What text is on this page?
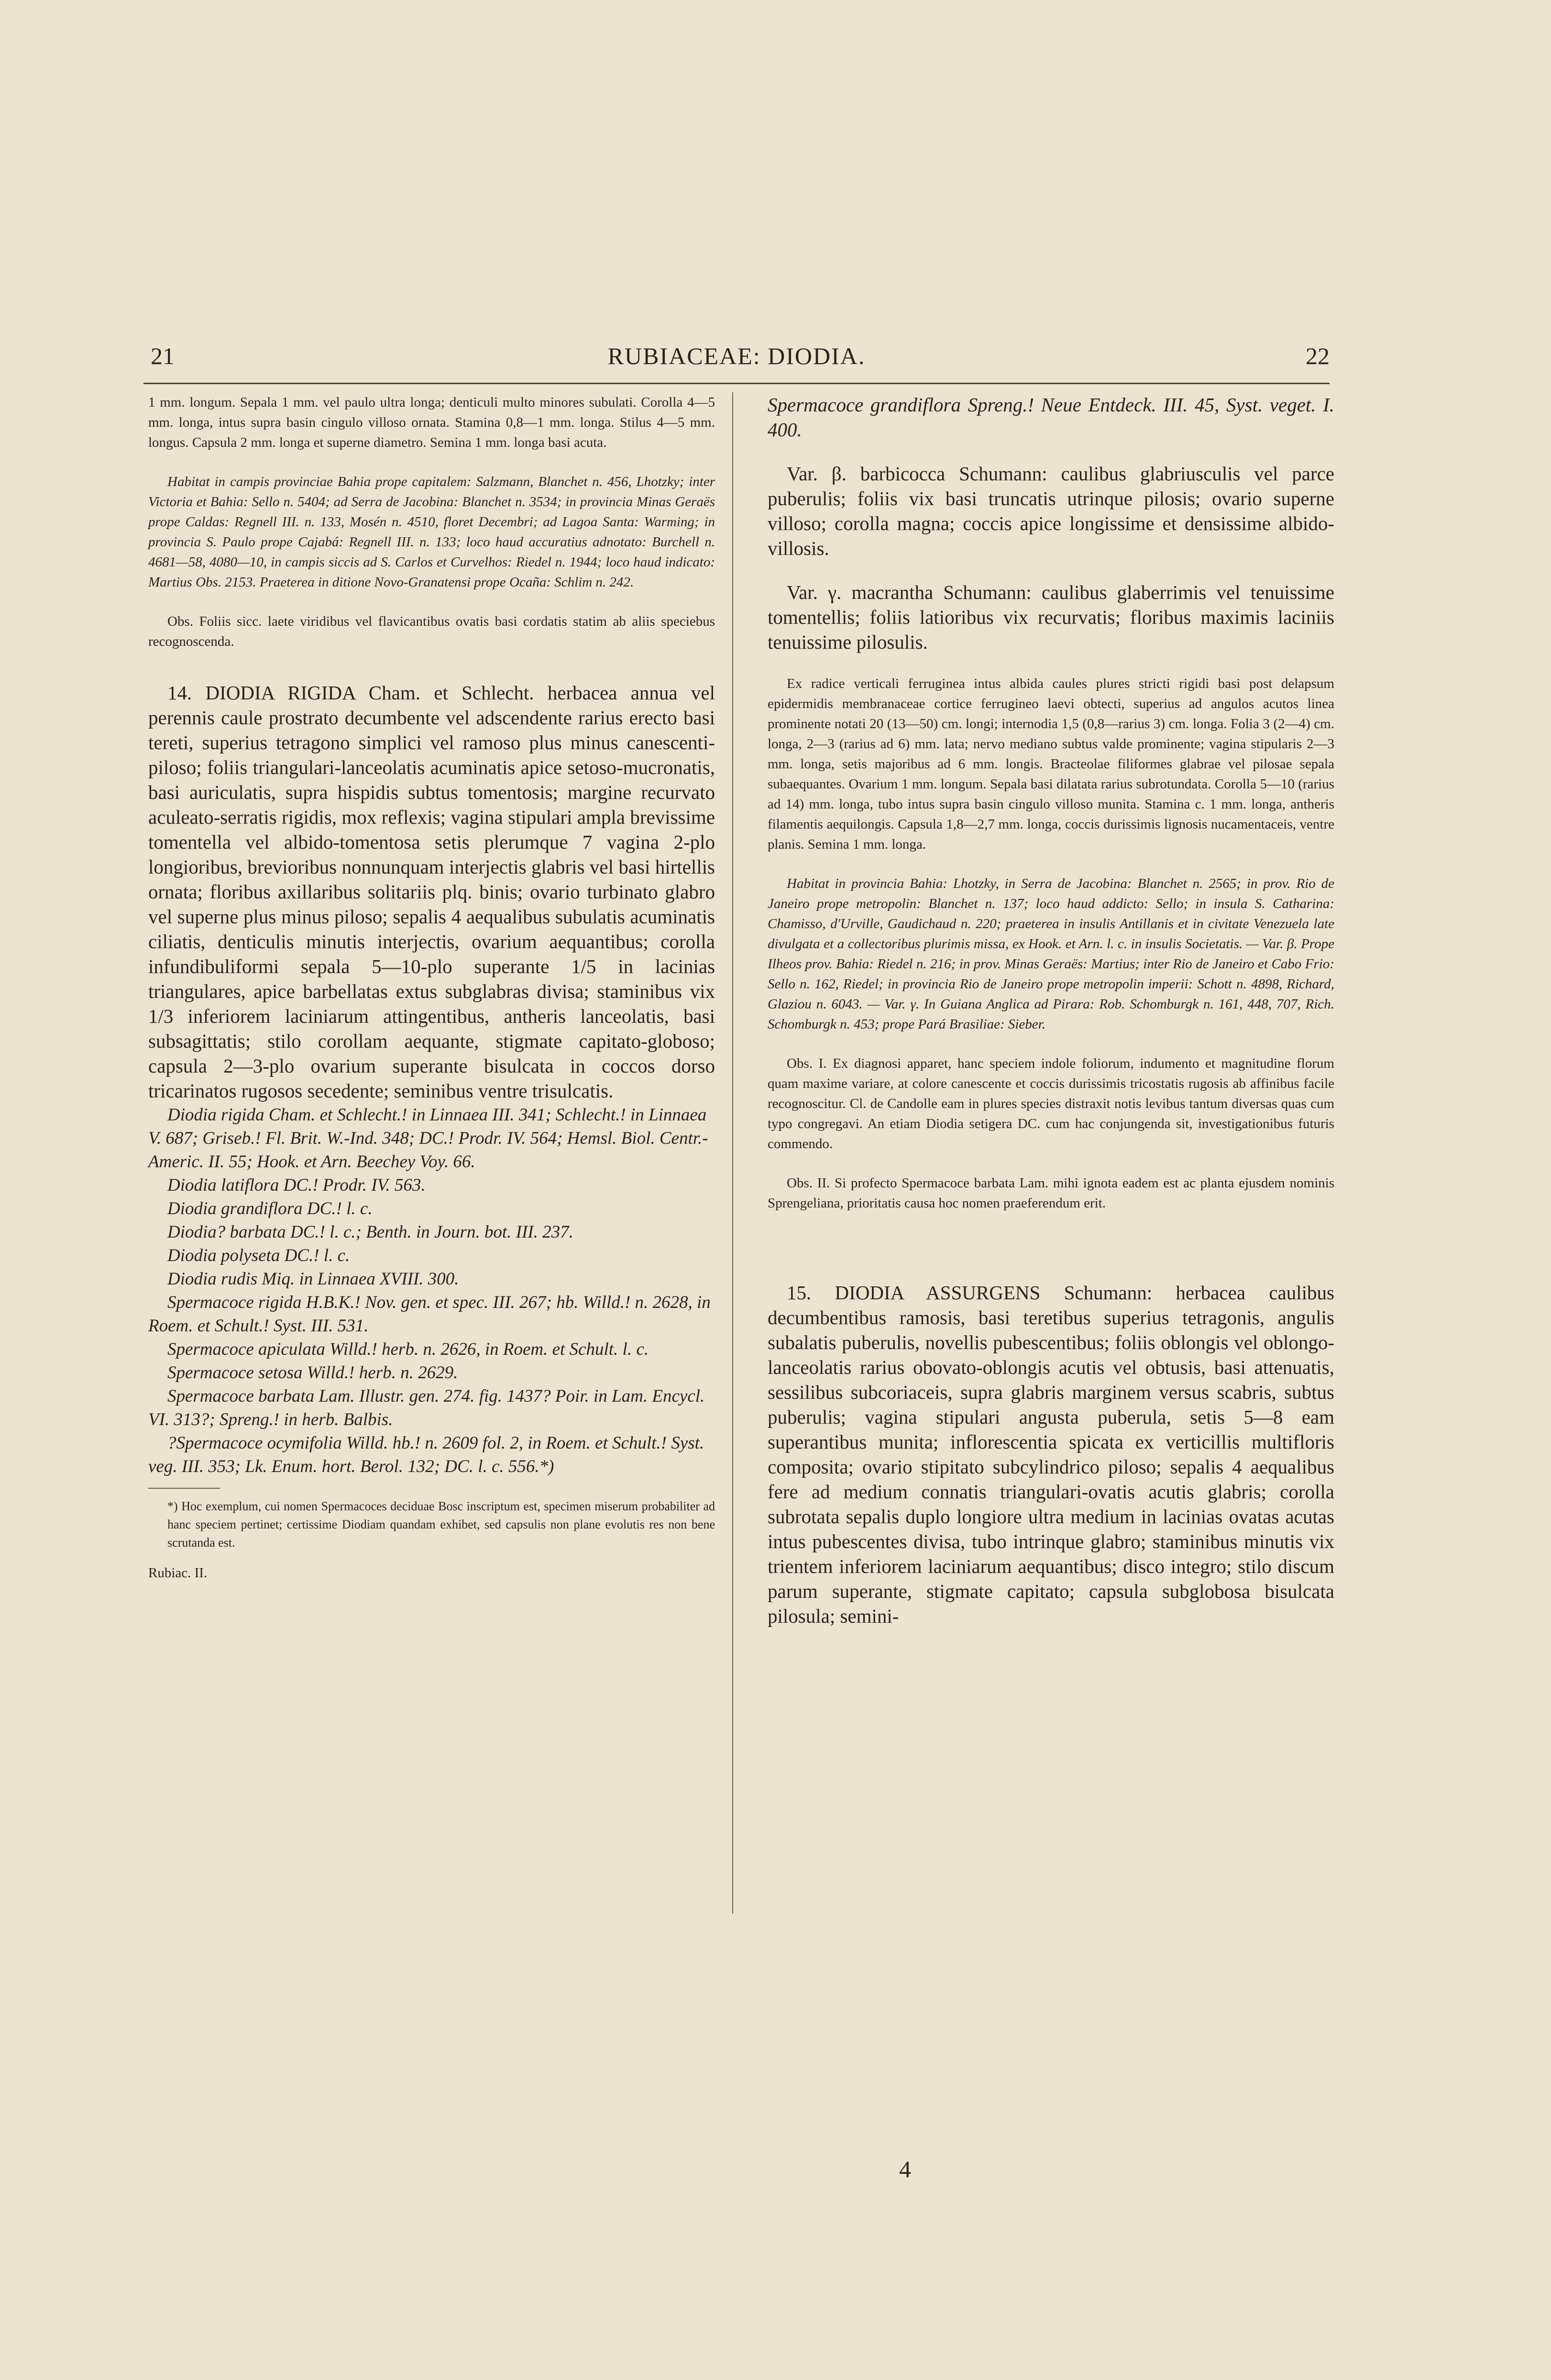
21	RUBIACEAE: DIODIA.	22

1 mm. longum. Sepala 1 mm. vel paulo ultra longa; denticuli multo minores subulati. Corolla 4—5 mm. longa, intus supra basin cingulo villoso ornata. Stamina 0,8—1 mm. longa. Stilus 4—5 mm. longus. Capsula 2 mm. longa et superne diametro. Semina 1 mm. longa basi acuta.

Habitat in campis provinciae Bahia prope capitalem: Salzmann, Blanchet n. 456, Lhotzky; inter Victoria et Bahia: Sello n. 5404; ad Serra de Jacobina: Blanchet n. 3534; in provincia Minas Geraës prope Caldas: Regnell III. n. 133, Mosén n. 4510, floret Decembri; ad Lagoa Santa: Warming; in provincia S. Paulo prope Cajabá: Regnell III. n. 133; loco haud accuratius adnotato: Burchell n. 4681—58, 4080—10, in campis siccis ad S. Carlos et Curvelhos: Riedel n. 1944; loco haud indicato: Martius Obs. 2153. Praeterea in ditione Novo-Granatensi prope Ocaña: Schlim n. 242.

Obs. Foliis sicc. laete viridibus vel flavicantibus ovatis basi cordatis statim ab aliis speciebus recognoscenda.

14. DIODIA RIGIDA Cham. et Schlecht. herbacea annua vel perennis caule prostrato decumbente vel adscendente rarius erecto basi tereti, superius tetragono simplici vel ramoso plus minus canescenti-piloso; foliis triangulari-lanceolatis acuminatis apice setoso-mucronatis, basi auriculatis, supra hispidis subtus tomentosis; margine recurvato aculeato-serratis rigidis, mox reflexis; vagina stipulari ampla brevissime tomentella vel albido-tomentosa setis plerumque 7 vagina 2-plo longioribus, brevioribus nonnunquam interjectis glabris vel basi hirtellis ornata; floribus axillaribus solitariis plq. binis; ovario turbinato glabro vel superne plus minus piloso; sepalis 4 aequalibus subulatis acuminatis ciliatis, denticulis minutis interjectis, ovarium aequantibus; corolla infundibuliformi sepala 5—10-plo superante 1/5 in lacinias triangulares, apice barbellatas extus subglabras divisa; staminibus vix 1/3 inferiorem laciniarum attingentibus, antheris lanceolatis, basi subsagittatis; stilo corollam aequante, stigmate capitato-globoso; capsula 2—3-plo ovarium superante bisulcata in coccos dorso tricarinatos rugosos secedente; seminibus ventre trisulcatis.

Diodia rigida Cham. et Schlecht.! in Linnaea III. 341; Schlecht.! in Linnaea V. 687; Griseb.! Fl. Brit. W.-Ind. 348; DC.! Prodr. IV. 564; Hemsl. Biol. Centr.-Americ. II. 55; Hook. et Arn. Beechey Voy. 66.

Diodia latiflora DC.! Prodr. IV. 563.

Diodia grandiflora DC.! l. c.

Diodia? barbata DC.! l. c.; Benth. in Journ. bot. III. 237.

Diodia polyseta DC.! l. c.

Diodia rudis Miq. in Linnaea XVIII. 300.

Spermacoce rigida H.B.K.! Nov. gen. et spec. III. 267; hb. Willd.! n. 2628, in Roem. et Schult.! Syst. III. 531.

Spermacoce apiculata Willd.! herb. n. 2626, in Roem. et Schult. l. c.

Spermacoce setosa Willd.! herb. n. 2629.

Spermacoce barbata Lam. Illustr. gen. 274. fig. 1437? Poir. in Lam. Encycl. VI. 313?; Spreng.! in herb. Balbis.

?Spermacoce ocymifolia Willd. hb.! n. 2609 fol. 2, in Roem. et Schult.! Syst. veg. III. 353; Lk. Enum. hort. Berol. 132; DC. l. c. 556.*)

*) Hoc exemplum, cui nomen Spermacoces deciduae Bosc inscriptum est, specimen miserum probabiliter ad hanc speciem pertinet; certissime Diodiam quandam exhibet, sed capsulis non plane evolutis res non bene scrutanda est.

Rubiac. II.

Spermacoce grandiflora Spreng.! Neue Entdeck. III. 45, Syst. veget. I. 400.

Var. β. barbicocca Schumann: caulibus glabriusculis vel parce puberulis; foliis vix basi truncatis utrinque pilosis; ovario superne villoso; corolla magna; coccis apice longissime et densissime albido-villosis.

Var. γ. macrantha Schumann: caulibus glaberrimis vel tenuissime tomentellis; foliis latioribus vix recurvatis; floribus maximis laciniis tenuissime pilosulis.

Ex radice verticali ferruginea intus albida caules plures stricti rigidi basi post delapsum epidermidis membranaceae cortice ferrugineo laevi obtecti, superius ad angulos acutos linea prominente notati 20 (13—50) cm. longi; internodia 1,5 (0,8—rarius 3) cm. longa. Folia 3 (2—4) cm. longa, 2—3 (rarius ad 6) mm. lata; nervo mediano subtus valde prominente; vagina stipularis 2—3 mm. longa, setis majoribus ad 6 mm. longis. Bracteolae filiformes glabrae vel pilosae sepala subaequantes. Ovarium 1 mm. longum. Sepala basi dilatata rarius subrotundata. Corolla 5—10 (rarius ad 14) mm. longa, tubo intus supra basin cingulo villoso munita. Stamina c. 1 mm. longa, antheris filamentis aequilongis. Capsula 1,8—2,7 mm. longa, coccis durissimis lignosis nucamentaceis, ventre planis. Semina 1 mm. longa.

Habitat in provincia Bahia: Lhotzky, in Serra de Jacobina: Blanchet n. 2565; in prov. Rio de Janeiro prope metropolin: Blanchet n. 137; loco haud addicto: Sello; in insula S. Catharina: Chamisso, d'Urville, Gaudichaud n. 220; praeterea in insulis Antillanis et in civitate Venezuela late divulgata et a collectoribus plurimis missa, ex Hook. et Arn. l. c. in insulis Societatis. — Var. β. Prope Ilheos prov. Bahia: Riedel n. 216; in prov. Minas Geraës: Martius; inter Rio de Janeiro et Cabo Frio: Sello n. 162, Riedel; in provincia Rio de Janeiro prope metropolin imperii: Schott n. 4898, Richard, Glaziou n. 6043. — Var. γ. In Guiana Anglica ad Pirara: Rob. Schomburgk n. 161, 448, 707, Rich. Schomburgk n. 453; prope Pará Brasiliae: Sieber.

Obs. I. Ex diagnosi apparet, hanc speciem indole foliorum, indumento et magnitudine florum quam maxime variare, at colore canescente et coccis durissimis tricostatis rugosis ab affinibus facile recognoscitur. Cl. de Candolle eam in plures species distraxit notis levibus tantum diversas quas cum typo congregavi. An etiam Diodia setigera DC. cum hac conjungenda sit, investigationibus futuris commendo.

Obs. II. Si profecto Spermacoce barbata Lam. mihi ignota eadem est ac planta ejusdem nominis Sprengeliana, prioritatis causa hoc nomen praeferendum erit.

15. DIODIA ASSURGENS Schumann: herbacea caulibus decumbentibus ramosis, basi teretibus superius tetragonis, angulis subalatis puberulis, novellis pubescentibus; foliis oblongis vel oblongo-lanceolatis rarius obovato-oblongis acutis vel obtusis, basi attenuatis, sessilibus subcoriaceis, supra glabris marginem versus scabris, subtus puberulis; vagina stipulari angusta puberula, setis 5—8 eam superantibus munita; inflorescentia spicata ex verticillis multifloris composita; ovario stipitato subcylindrico piloso; sepalis 4 aequalibus fere ad medium connatis triangulari-ovatis acutis glabris; corolla subrotata sepalis duplo longiore ultra medium in lacinias ovatas acutas intus pubescentes divisa, tubo intrinque glabro; staminibus minutis vix trientem inferiorem laciniarum aequantibus; disco integro; stilo discum parum superante, stigmate capitato; capsula subglobosa bisulcata pilosula; semini-

4
